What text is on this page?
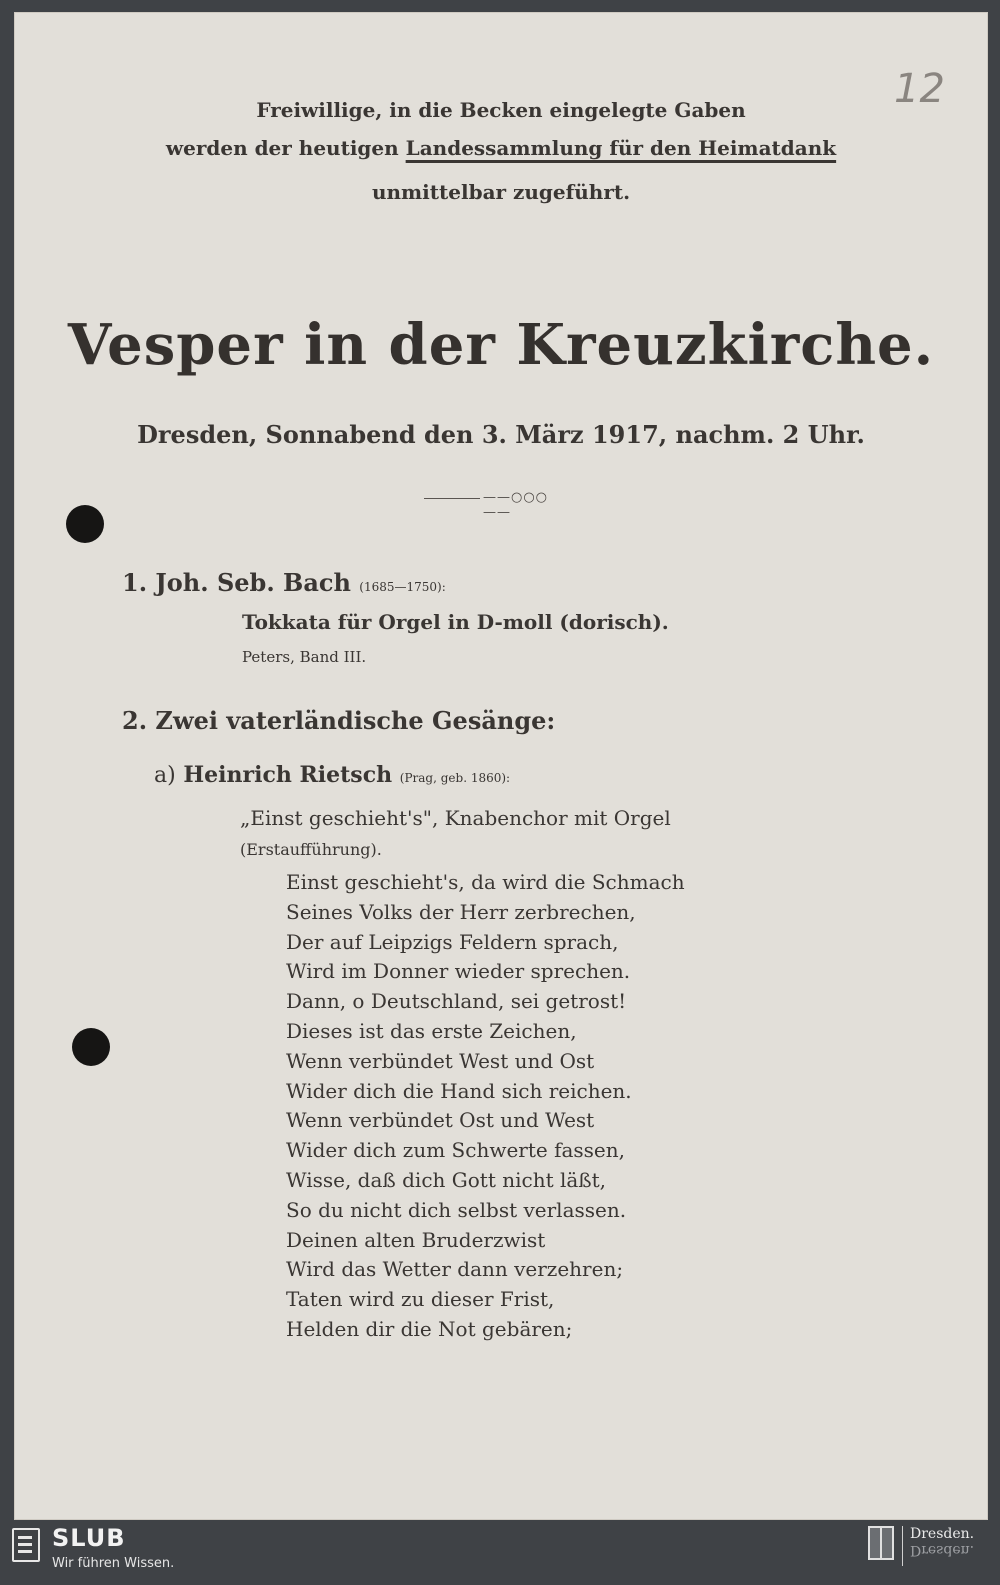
12
Freiwillige, in die Becken eingelegte Gaben
werden der heutigen Landessammlung für den Heimatdank
unmittelbar zugeführt.
Vesper in der Kreuzkirche.
Dresden, Sonnabend den 3. März 1917, nachm. 2 Uhr.
——○○○——
1. Joh. Seb. Bach (1685—1750):
Tokkata für Orgel in D-moll (dorisch).
Peters, Band III.
2. Zwei vaterländische Gesänge:
a) Heinrich Rietsch (Prag, geb. 1860):
„Einst geschieht's", Knabenchor mit Orgel
(Erstaufführung).
Einst geschieht's, da wird die Schmach
Seines Volks der Herr zerbrechen,
Der auf Leipzigs Feldern sprach,
Wird im Donner wieder sprechen.
Dann, o Deutschland, sei getrost!
Dieses ist das erste Zeichen,
Wenn verbündet West und Ost
Wider dich die Hand sich reichen.
Wenn verbündet Ost und West
Wider dich zum Schwerte fassen,
Wisse, daß dich Gott nicht läßt,
So du nicht dich selbst verlassen.
Deinen alten Bruderzwist
Wird das Wetter dann verzehren;
Taten wird zu dieser Frist,
Helden dir die Not gebären;
SLUB
Wir führen Wissen.
Dresden.
Dresden.
